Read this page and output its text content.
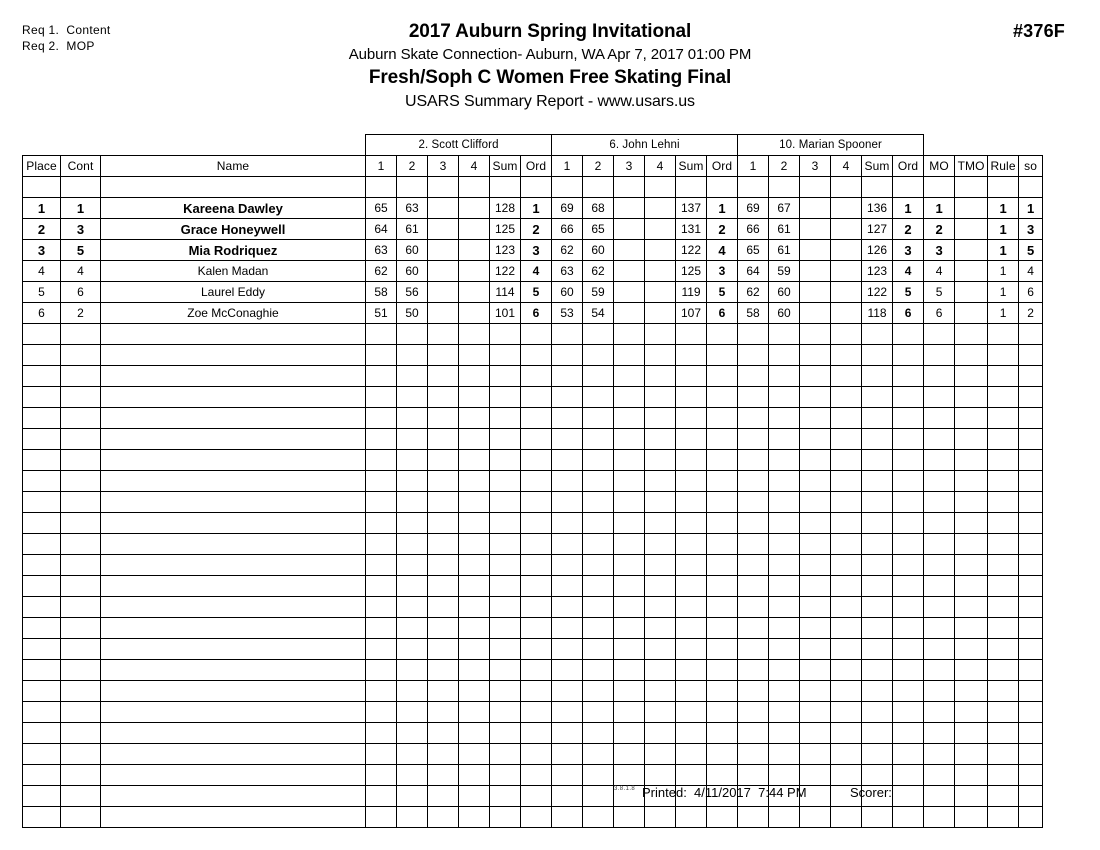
Req 1.  Content
Req 2.  MOP
2017 Auburn Spring Invitational
Auburn Skate Connection- Auburn, WA Apr 7, 2017 01:00 PM
Fresh/Soph C Women Free Skating Final
USARS Summary Report - www.usars.us
#376F
			2. Scott Clifford						6. John Lehni						10. Marian Spooner									
Place	Cont	Name	1	2	3	4	Sum	Ord	1	2	3	4	Sum	Ord	1	2	3	4	Sum	Ord	MO	TMO	Rule	so

1	1	Kareena Dawley	65	63			128	1	69	68			137	1	69	67			136	1	1		1	1
2	3	Grace Honeywell	64	61			125	2	66	65			131	2	66	61			127	2	2		1	3
3	5	Mia Rodriquez	63	60			123	3	62	60			122	4	65	61			126	3	3		1	5
4	4	Kalen Madan	62	60			122	4	63	62			125	3	64	59			123	4	4		1	4
5	6	Laurel Eddy	58	56			114	5	60	59			119	5	62	60			122	5	5		1	6
6	2	Zoe McConaghie	51	50			101	6	53	54			107	6	58	60			118	6	6		1	2

3.8.1.8 Printed:  4/11/2017  7:44 PM	Scorer:
